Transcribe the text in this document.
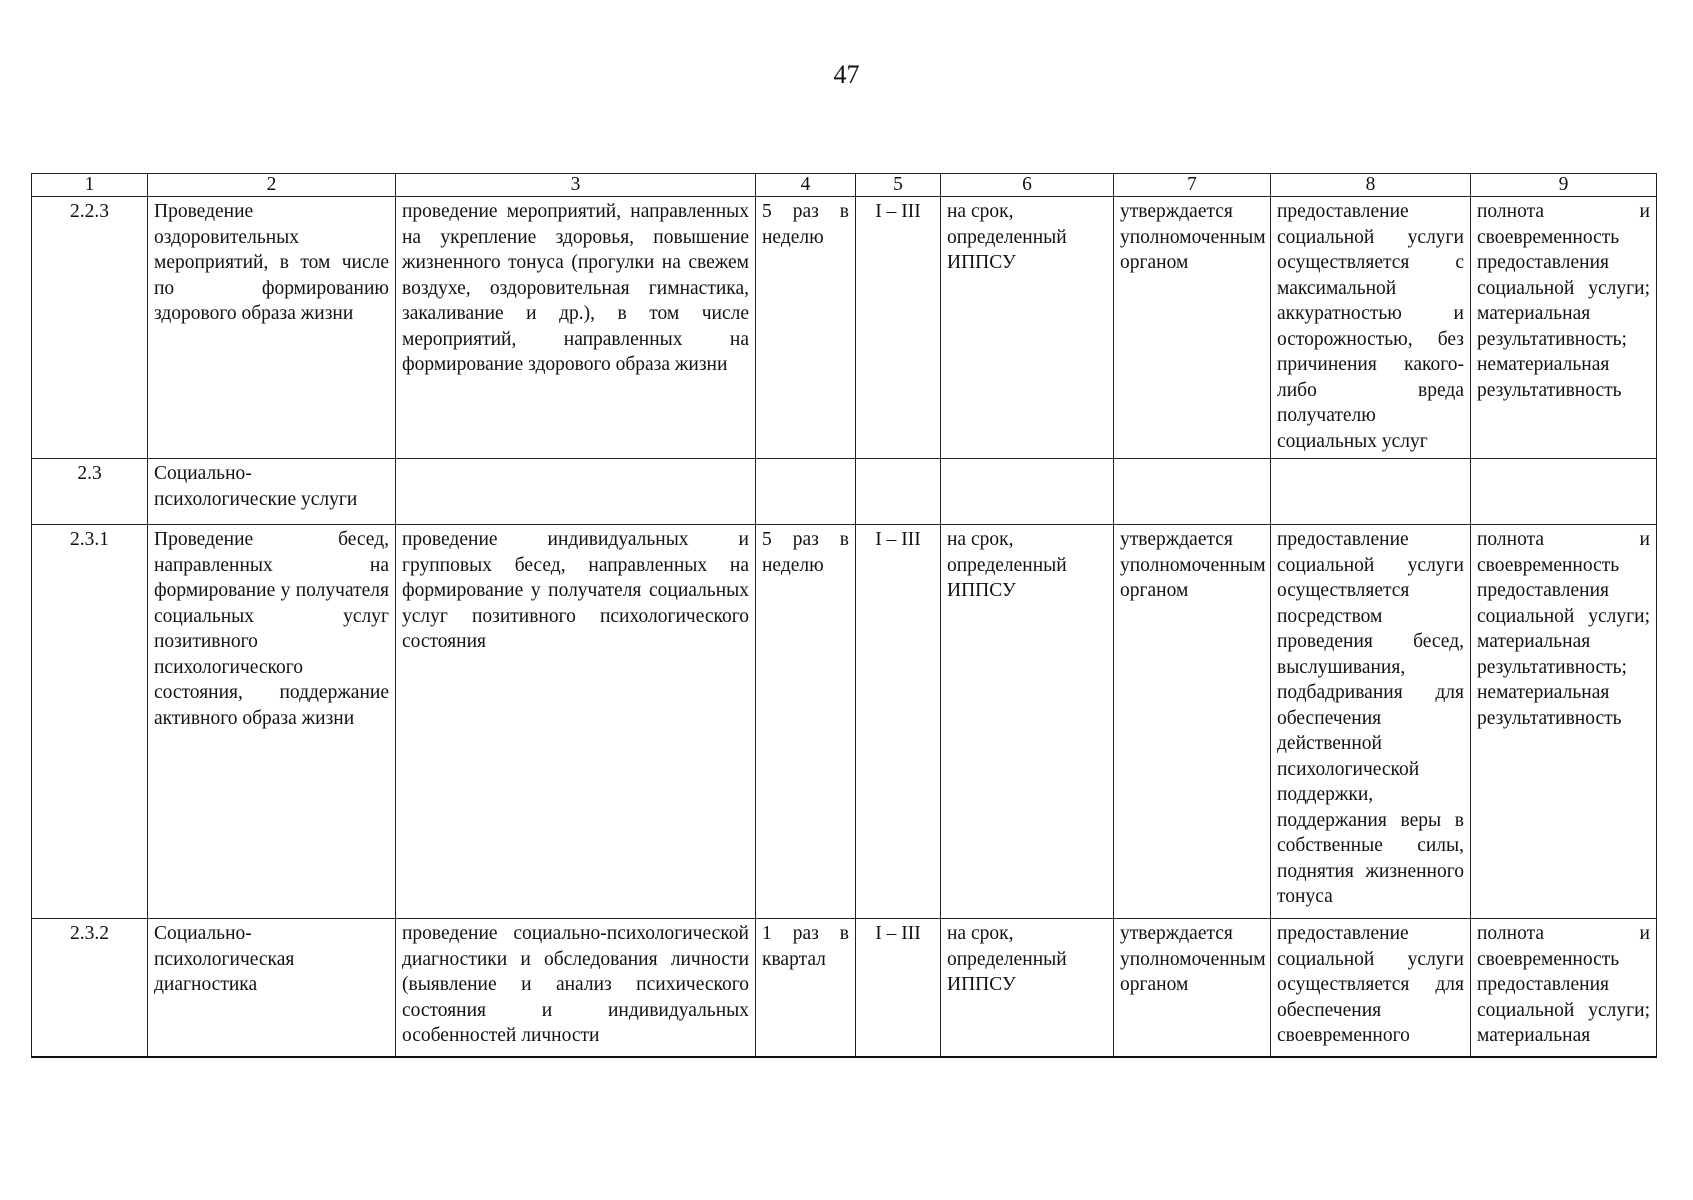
47
1	2	3	4	5	6	7	8	9
2.2.3	Проведение оздоровительных мероприятий, в том числе по формированию здорового образа жизни	проведение мероприятий, направленных на укрепление здоровья, повышение жизненного тонуса (прогулки на свежем воздухе, оздоровительная гимнастика, закаливание и др.), в том числе мероприятий, направленных на формирование здорового образа жизни	5 раз в неделю	I – III	на срок, определенный ИППСУ	утверждается уполномоченным органом	предоставление социальной услуги осуществляется с максимальной аккуратностью и осторожностью, без причинения какого-либо вреда получателю социальных услуг	полнота и своевременность предоставления социальной услуги; материальная результативность; нематериальная результативность
2.3	Социально-психологические услуги							
2.3.1	Проведение бесед, направленных на формирование у получателя социальных услуг позитивного психологического состояния, поддержание активного образа жизни	проведение индивидуальных и групповых бесед, направленных на формирование у получателя социальных услуг позитивного психологического состояния	5 раз в неделю	I – III	на срок, определенный ИППСУ	утверждается уполномоченным органом	предоставление социальной услуги осуществляется посредством проведения бесед, выслушивания, подбадривания для обеспечения действенной психологической поддержки, поддержания веры в собственные силы, поднятия жизненного тонуса	полнота и своевременность предоставления социальной услуги; материальная результативность; нематериальная результативность
2.3.2	Социально-психологическая диагностика	проведение социально-психологической диагностики и обследования личности (выявление и анализ психического состояния и индивидуальных особенностей личности	1 раз в квартал	I – III	на срок, определенный ИППСУ	утверждается уполномоченным органом	предоставление социальной услуги осуществляется для обеспечения своевременного	полнота и своевременность предоставления социальной услуги; материальная
